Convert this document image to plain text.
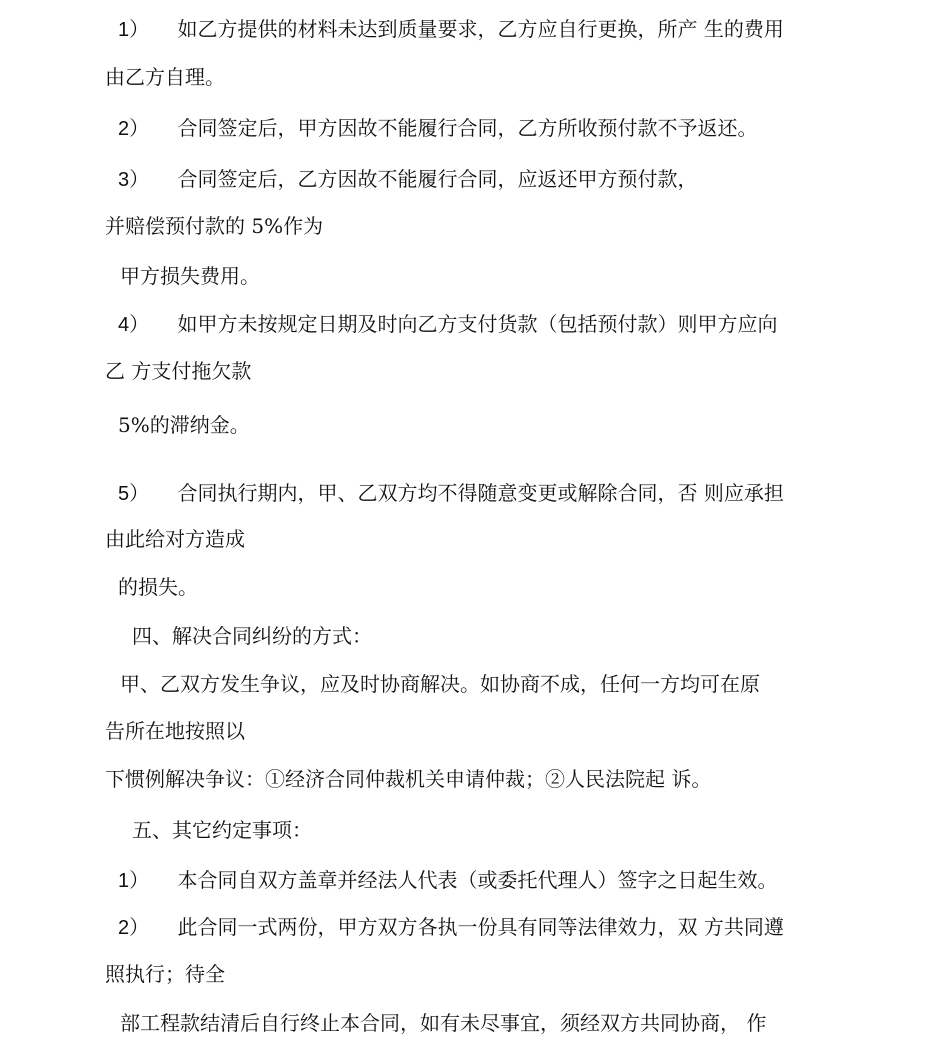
1） 如乙方提供的材料未达到质量要求，乙方应自行更换，所产 生的费用
由乙方自理。
2） 合同签定后，甲方因故不能履行合同，乙方所收预付款不予返还。
3） 合同签定后，乙方因故不能履行合同，应返还甲方预付款，
并赔偿预付款的 5%作为
甲方损失费用。
4） 如甲方未按规定日期及时向乙方支付货款（包括预付款）则甲方应向
乙 方支付拖欠款
5%的滞纳金。
5） 合同执行期内，甲、乙双方均不得随意变更或解除合同，否 则应承担
由此给对方造成
的损失。
四、解决合同纠纷的方式：
甲、乙双方发生争议，应及时协商解决。如协商不成，任何一方均可在原
告所在地按照以
下惯例解决争议：①经济合同仲裁机关申请仲裁；②人民法院起 诉。
五、其它约定事项：
1） 本合同自双方盖章并经法人代表（或委托代理人）签字之日起生效。
2） 此合同一式两份，甲方双方各执一份具有同等法律效力，双 方共同遵
照执行；待全
部工程款结清后自行终止本合同，如有未尽事宜，须经双方共同协商， 作
